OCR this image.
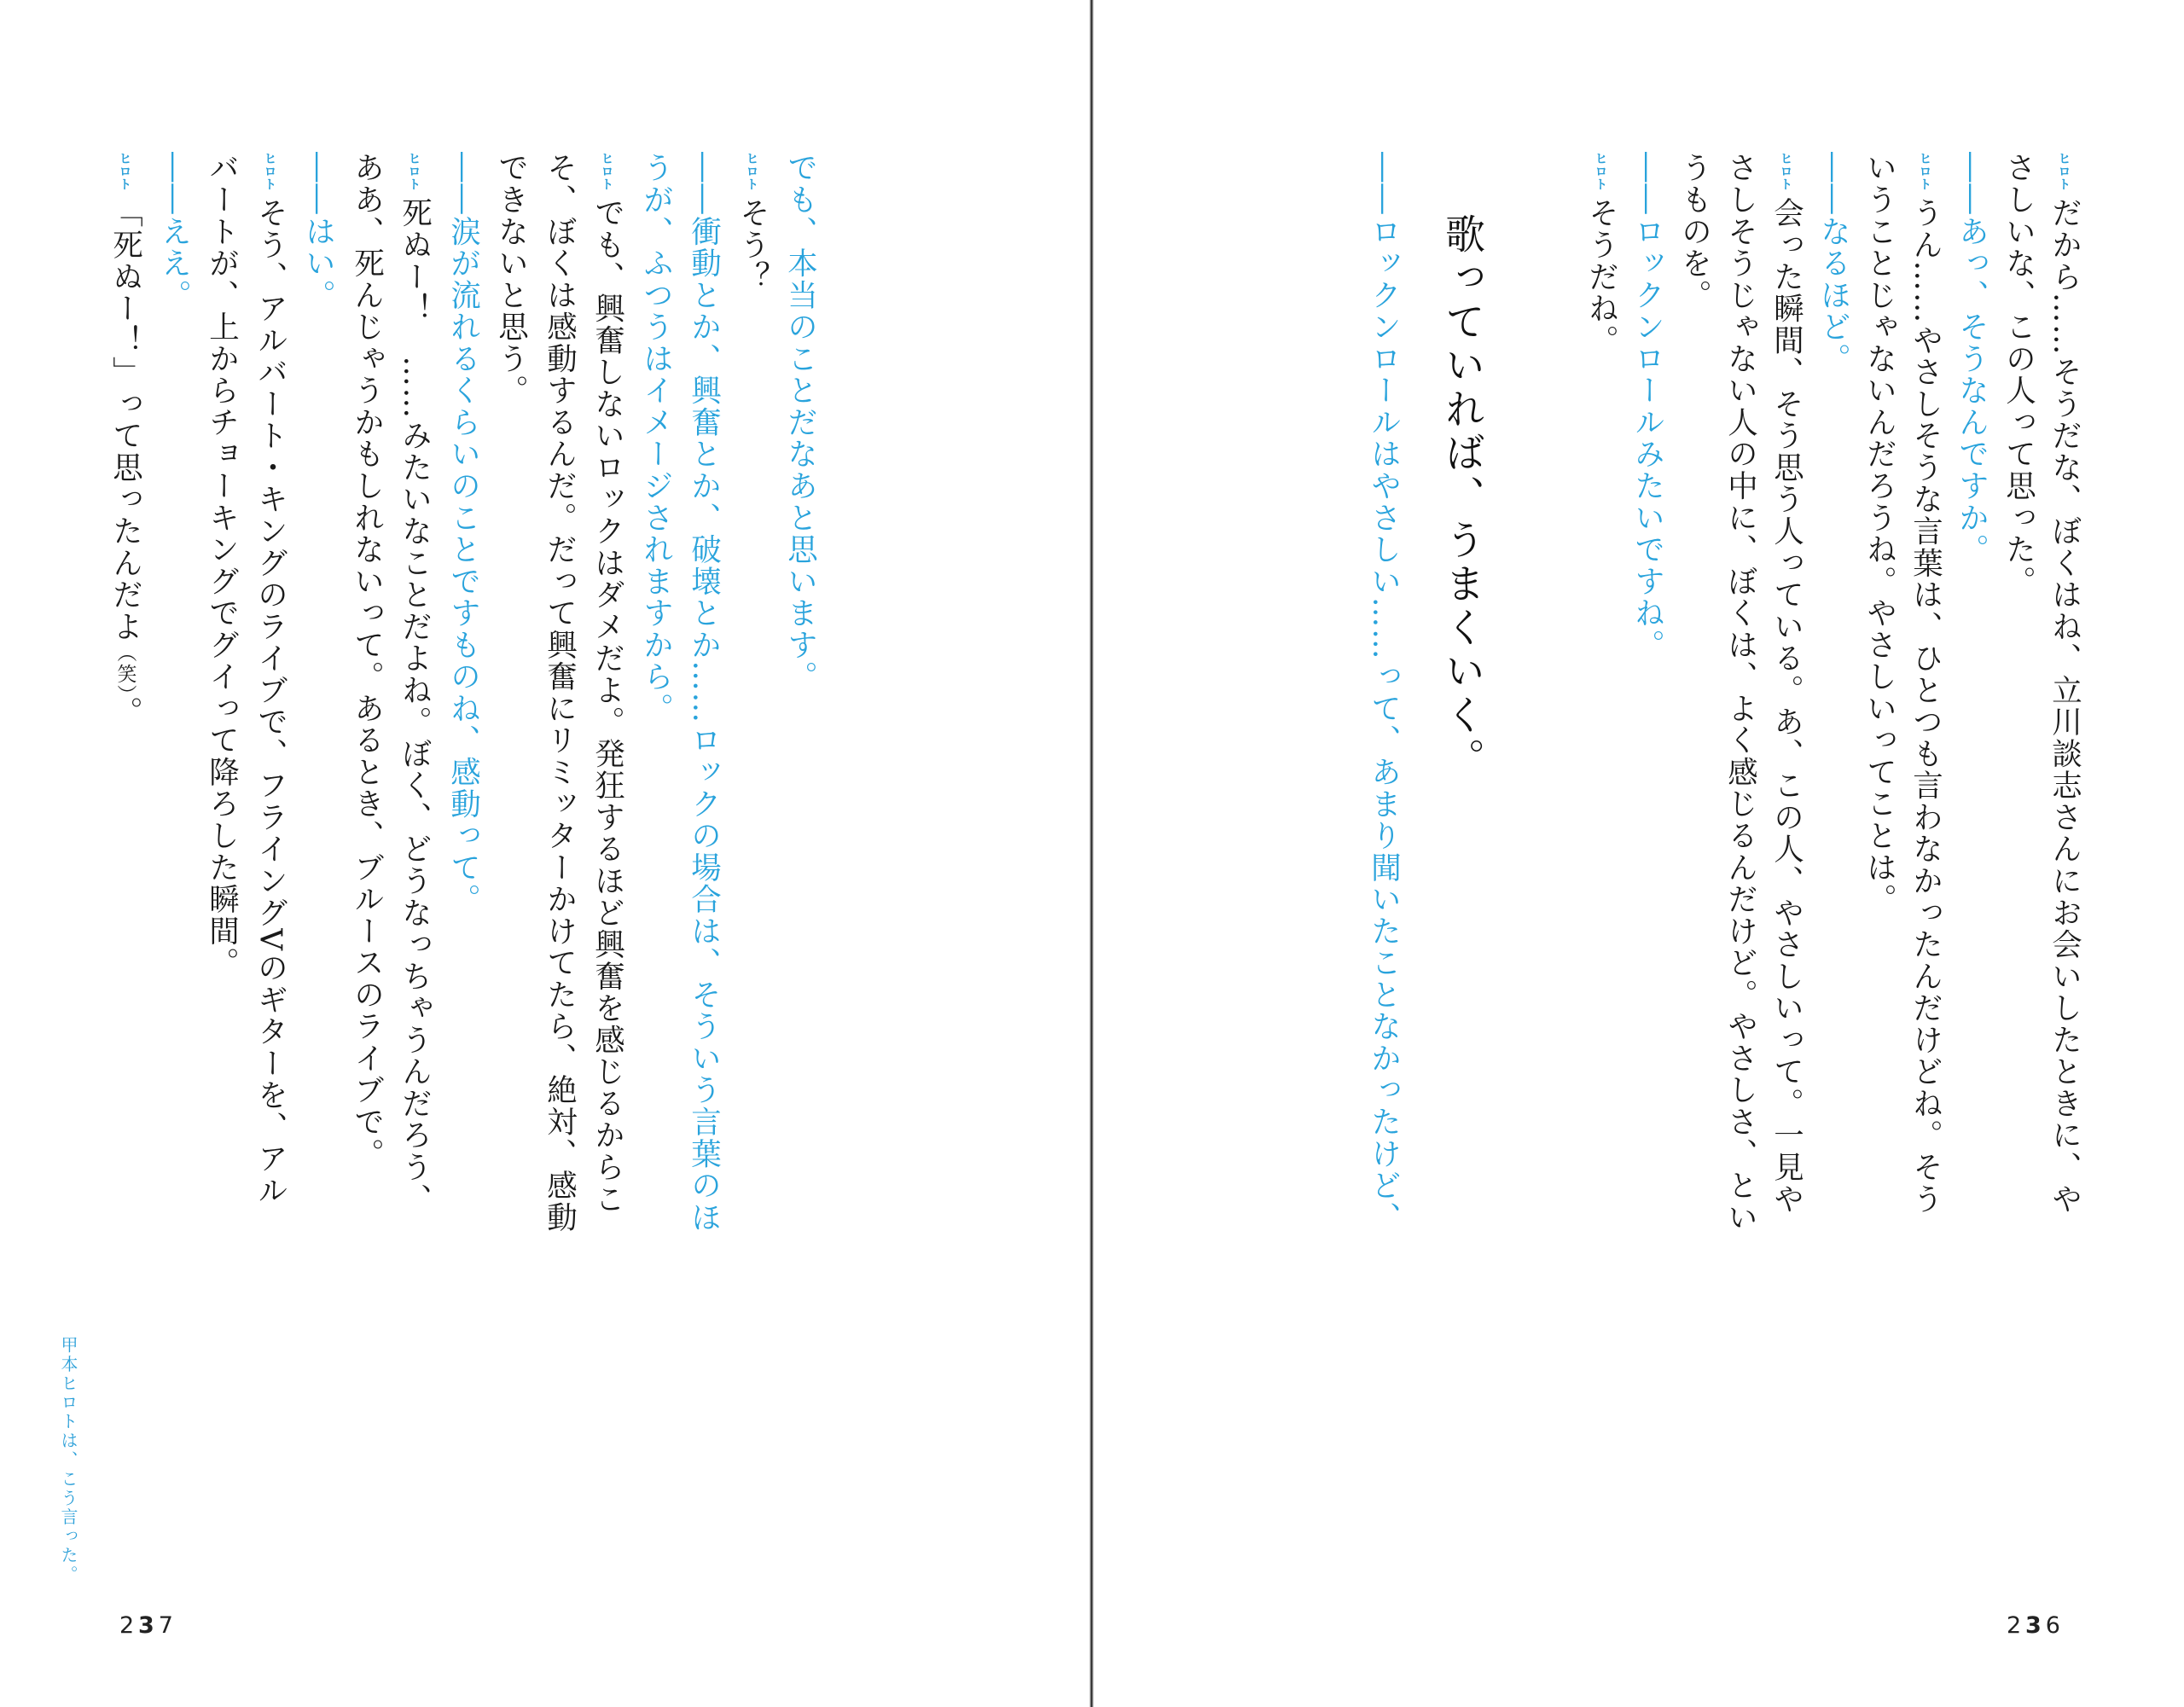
ヒロトだから……そうだな、ぼくはね、立川談志さんにお会いしたときに、や
さしいな、この人って思った。
――あっ、そうなんですか。
ヒロトうん……やさしそうな言葉は、ひとつも言わなかったんだけどね。そう
いうことじゃないんだろうね。やさしいってことは。
――なるほど。
ヒロト会った瞬間、そう思う人っている。あ、この人、やさしいって。一見や
さしそうじゃない人の中に、ぼくは、よく感じるんだけど。やさしさ、とい
うものを。
――ロックンロールみたいですね。
ヒロトそうだね。
歌っていれば、うまくいく。
――ロックンロールはやさしい……って、あまり聞いたことなかったけど、
でも、本当のことだなあと思います。
ヒロトそう？
――衝動とか、興奮とか、破壊とか……ロックの場合は、そういう言葉のほ
うが、ふつうはイメージされますから。
ヒロトでも、興奮しないロックはダメだよ。発狂するほど興奮を感じるからこ
そ、ぼくは感動するんだ。だって興奮にリミッターかけてたら、絶対、感動
できないと思う。
――涙が流れるくらいのことですものね、感動って。
ヒロト死ぬー！　……みたいなことだよね。ぼく、どうなっちゃうんだろう、
ああ、死んじゃうかもしれないって。あるとき、ブルースのライブで。
――はい。
ヒロトそう、アルバート・キングのライブで、フライングVのギターを、アル
バートが、上からチョーキングでグイって降ろした瞬間。
――ええ。
ヒロト「死ぬー！」って思ったんだよ（笑）。
甲本ヒロトは、こう言った。
236
237
